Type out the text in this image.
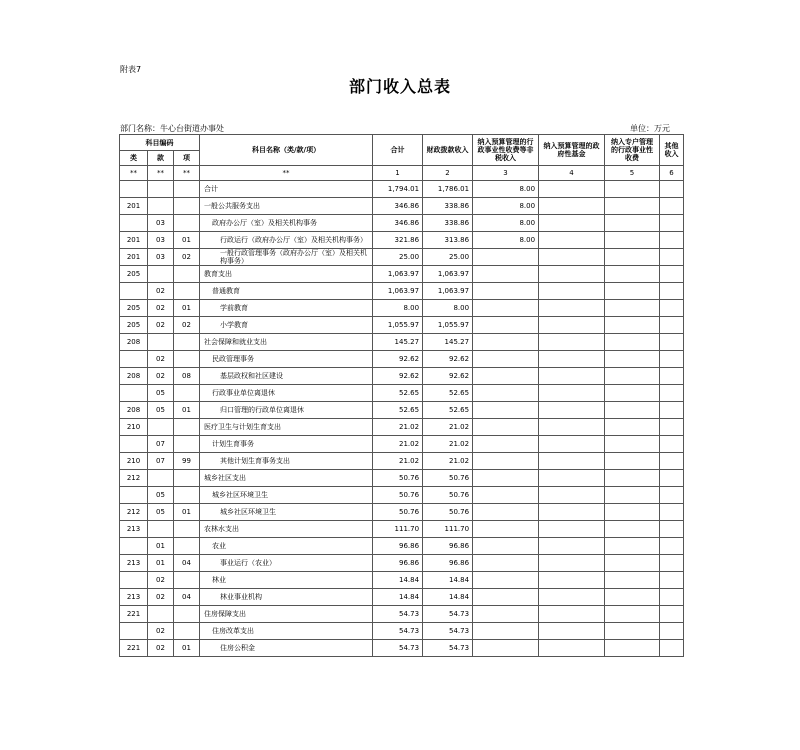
附表7
部门收入总表
部门名称：牛心台街道办事处	单位：万元
科目编码			科目名称（类/款/项）	合计	财政拨款收入	纳入预算管理的行政事业性收费等非税收入	纳入预算管理的政府性基金	纳入专户管理的行政事业性收费	其他收入
类	款	项							
**	**	**	**	1	2	3	4	5	6
			合计	1,794.01	1,786.01	8.00			
201			一般公共服务支出	346.86	338.86	8.00			
	03		政府办公厅（室）及相关机构事务	346.86	338.86	8.00			
201	03	01	行政运行（政府办公厅（室）及相关机构事务）	321.86	313.86	8.00			
201	03	02	一般行政管理事务（政府办公厅（室）及相关机构事务）	25.00	25.00				
205			教育支出	1,063.97	1,063.97				
	02		普通教育	1,063.97	1,063.97				
205	02	01	学前教育	8.00	8.00				
205	02	02	小学教育	1,055.97	1,055.97				
208			社会保障和就业支出	145.27	145.27				
	02		民政管理事务	92.62	92.62				
208	02	08	基层政权和社区建设	92.62	92.62				
	05		行政事业单位离退休	52.65	52.65				
208	05	01	归口管理的行政单位离退休	52.65	52.65				
210			医疗卫生与计划生育支出	21.02	21.02				
	07		计划生育事务	21.02	21.02				
210	07	99	其他计划生育事务支出	21.02	21.02				
212			城乡社区支出	50.76	50.76				
	05		城乡社区环境卫生	50.76	50.76				
212	05	01	城乡社区环境卫生	50.76	50.76				
213			农林水支出	111.70	111.70				
	01		农业	96.86	96.86				
213	01	04	事业运行（农业）	96.86	96.86				
	02		林业	14.84	14.84				
213	02	04	林业事业机构	14.84	14.84				
221			住房保障支出	54.73	54.73				
	02		住房改革支出	54.73	54.73				
221	02	01	住房公积金	54.73	54.73				
